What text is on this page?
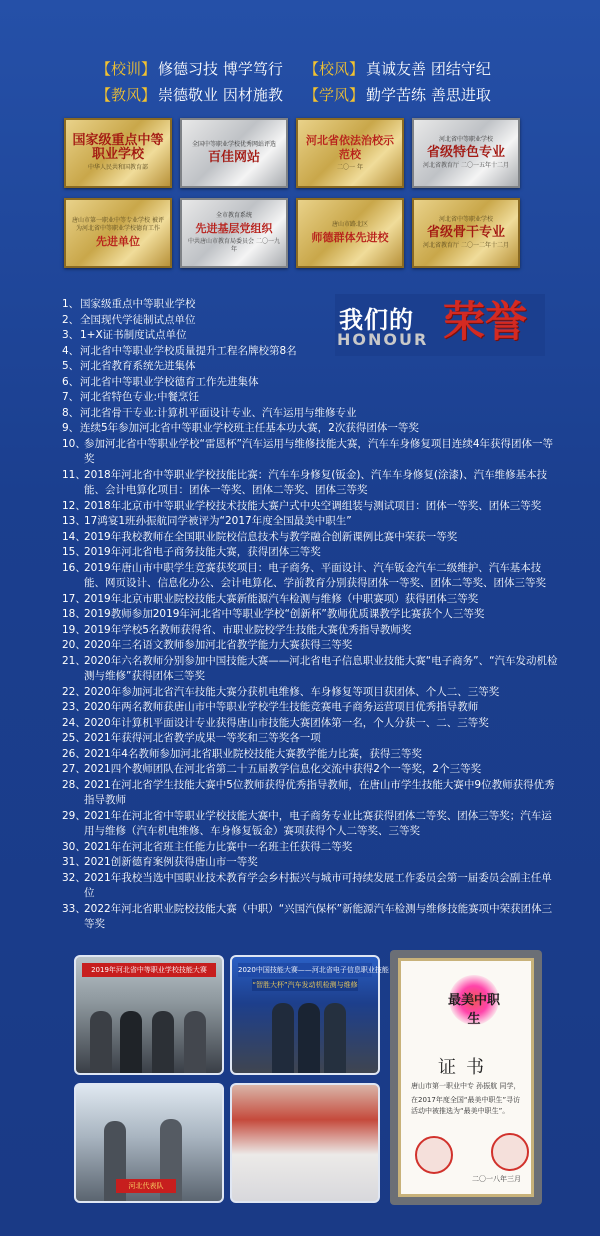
【校训】 修德习技 博学笃行	【校风】 真诚友善 团结守纪
【教风】 崇德敬业 因材施教	【学风】 勤学苦练 善思进取
国家级重点中等职业学校
中华人民共和国教育部
全国中等职业学校优秀网站评选
百佳网站
河北省依法治校示范校
二〇一 年
河北省中等职业学校
省级特色专业
河北省教育厅 二〇一五年十二月
唐山市第一职业中等专业学校 被评为河北省中等职业学校德育工作
先进单位
全市教育系统
先进基层党组织
中共唐山市教育局委员会 二〇一九年
唐山市路北区
师德群体先进校
河北省中等职业学校
省级骨干专业
河北省教育厅 二〇一二年十二月
1、 国家级重点中等职业学校
2、 全国现代学徒制试点单位
3、 1+X证书制度试点单位
4、 河北省中等职业学校质量提升工程名牌校第8名
5、 河北省教育系统先进集体
6、 河北省中等职业学校德育工作先进集体
7、 河北省特色专业:中餐烹饪
8、 河北省骨干专业:计算机平面设计专业、汽车运用与维修专业
9、 连续5年参加河北省中等职业学校班主任基本功大赛，2次获得团体一等奖
10、
参加河北省中等职业学校“雷恩杯”汽车运用与维修技能大赛，汽车车身修复项目连续4年获得团体一等奖
11、
2018年河北省中等职业学校技能比赛：汽车车身修复(钣金)、汽车车身修复(涂漆)、汽车维修基本技能、会计电算化项目：团体一等奖、团体二等奖、团体三等奖
12、
2018年北京市中等职业学校技术技能大赛户式中央空调组装与测试项目：团体一等奖、团体三等奖
13、
17鸿宴1班孙振航同学被评为“2017年度全国最美中职生”
14、
2019年我校教师在全国职业院校信息技术与教学融合创新课例比赛中荣获一等奖
15、
2019年河北省电子商务技能大赛，获得团体三等奖
16、
2019年唐山市中职学生竞赛获奖项目：电子商务、平面设计、汽车钣金汽车二级维护、汽车基本技能、网页设计、信息化办公、会计电算化、学前教育分别获得团体一等奖、团体二等奖、团体三等奖
17、
2019年北京市职业院校技能大赛新能源汽车检测与维修（中职赛项）获得团体三等奖
18、
2019教师参加2019年河北省中等职业学校“创新杯”教师优质课教学比赛获个人三等奖
19、
2019年学校5名教师获得省、市职业院校学生技能大赛优秀指导教师奖
20、
2020年三名语文教师参加河北省教学能力大赛获得三等奖
21、
2020年六名教师分别参加中国技能大赛——河北省电子信息职业技能大赛“电子商务”、“汽车发动机检测与维修”获得团体三等奖
22、
2020年参加河北省汽车技能大赛分获机电维修、车身修复等项目获团体、个人二、三等奖
23、
2020年两名教师获唐山市中等职业学校学生技能竞赛电子商务运营项目优秀指导教师
24、
2020年计算机平面设计专业获得唐山市技能大赛团体第一名，个人分获一、二、三等奖
25、
2021年获得河北省教学成果一等奖和三等奖各一项
26、
2021年4名教师参加河北省职业院校技能大赛教学能力比赛，获得三等奖
27、
2021四个教师团队在河北省第二十五届教学信息化交流中获得2个一等奖，2个三等奖
28、
2021在河北省学生技能大赛中5位教师获得优秀指导教师，在唐山市学生技能大赛中9位教师获得优秀指导教师
29、
2021年在河北省中等职业学校技能大赛中，电子商务专业比赛获得团体二等奖、团体三等奖；汽车运用与维修（汽车机电维修、车身修复钣金）赛项获得个人二等奖、三等奖
30、
2021年在河北省班主任能力比赛中一名班主任获得二等奖
31、
2021创新德育案例获得唐山市一等奖
32、
2021年我校当选中国职业技术教育学会乡村振兴与城市可持续发展工作委员会第一届委员会副主任单位
33、
2022年河北省职业院校技能大赛（中职）“兴国汽保杯”新能源汽车检测与维修技能赛项中荣获团体三等奖
我们的
HONOUR 荣誉
2019年河北省中等职业学校技能大赛	2020中国技能大赛——河北省电子信息职业技能
“智胜大杯”汽车发动机检测与维修
河北代表队
最美中职生
证书
唐山市第一职业中专 孙振航 同学，
在2017年度全国“最美中职生”寻访活动中被推选为“最美中职生”。
二〇一八年三月
